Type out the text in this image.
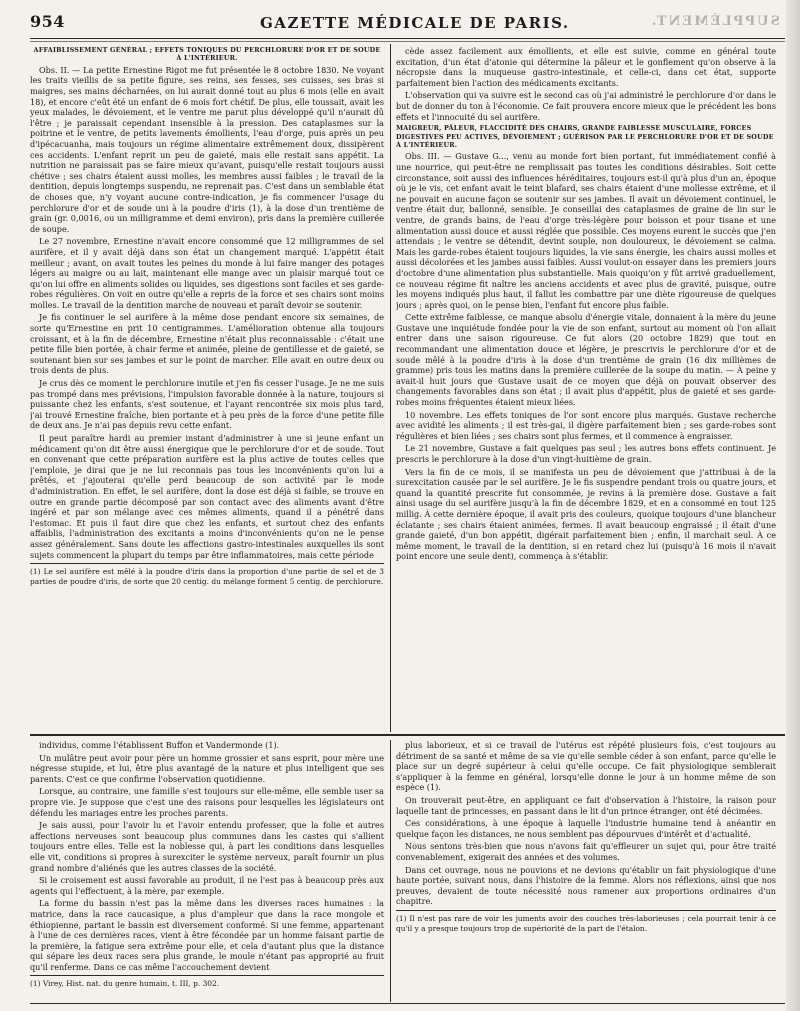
954	GAZETTE MÉDICALE DE PARIS.	SUPPLÉMENT.

AFFAIBLISSEMENT GÉNÉRAL ; EFFETS TONIQUES DU PERCHLORURE D'OR ET DE SOUDE À L'INTÉRIEUR.

Obs. II. — La petite Ernestine Rigot me fut présentée le 8 octobre 1830. Ne voyant les traits vieillis de sa petite figure, ses reins, ses fesses, ses cuisses, ses bras si maigres, ses mains décharnées, on lui aurait donné tout au plus 6 mois (elle en avait 18), et encore c'eût été un enfant de 6 mois fort chétif. De plus, elle toussait, avait les yeux malades, le dévoiement, et le ventre me parut plus développé qu'il n'aurait dû l'être ; je paraissait cependant insensible à la pression. Des cataplasmes sur la poitrine et le ventre, de petits lavements émollients, l'eau d'orge, puis après un peu d'ipécacuanha, mais toujours un régime alimentaire extrêmement doux, dissipèrent ces accidents. L'enfant reprit un peu de gaieté, mais elle restait sans appétit. La nutrition ne paraissait pas se faire mieux qu'avant, puisqu'elle restait toujours aussi chétive ; ses chairs étaient aussi molles, les membres aussi faibles ; le travail de la dentition, depuis longtemps suspendu, ne reprenait pas. C'est dans un semblable état de choses que, n'y voyant aucune contre-indication, je fis commencer l'usage du perchlorure d'or et de soude uni à la poudre d'iris (1), à la dose d'un trentième de grain (gr. 0,0016, ou un milligramme et demi environ), pris dans la première cuillerée de soupe.

Le 27 novembre, Ernestine n'avait encore consommé que 12 milligrammes de sel aurifère, et il y avait déjà dans son état un changement marqué. L'appétit était meilleur ; avant, on avait toutes les peines du monde à lui faire manger des potages légers au maigre ou au lait, maintenant elle mange avec un plaisir marqué tout ce qu'on lui offre en aliments solides ou liquides, ses digestions sont faciles et ses garde-robes régulières. On voit en outre qu'elle a repris de la force et ses chairs sont moins molles. Le travail de la dentition marche de nouveau et paraît devoir se soutenir.

Je fis continuer le sel aurifère à la même dose pendant encore six semaines, de sorte qu'Ernestine en prit 10 centigrammes. L'amélioration obtenue alla toujours croissant, et à la fin de décembre, Ernestine n'était plus reconnaissable : c'était une petite fille bien portée, à chair ferme et animée, pleine de gentillesse et de gaieté, se soutenant bien sur ses jambes et sur le point de marcher. Elle avait en outre deux ou trois dents de plus.

Je crus dès ce moment le perchlorure inutile et j'en fis cesser l'usage. Je ne me suis pas trompé dans mes prévisions, l'impulsion favorable donnée à la nature, toujours si puissante chez les enfants, s'est soutenue, et l'ayant rencontrée six mois plus tard, j'ai trouvé Ernestine fraîche, bien portante et à peu près de la force d'une petite fille de deux ans. Je n'ai pas depuis revu cette enfant.

Il peut paraître hardi au premier instant d'administrer à une si jeune enfant un médicament qu'on dit être aussi énergique que le perchlorure d'or et de soude. Tout en convenant que cette préparation aurifère est la plus active de toutes celles que j'emploie, je dirai que je ne lui reconnais pas tous les inconvénients qu'on lui a prêtés, et j'ajouterai qu'elle perd beaucoup de son activité par le mode d'administration. En effet, le sel aurifère, dont la dose est déjà si faible, se trouve en outre en grande partie décomposé par son contact avec des aliments avant d'être ingéré et par son mélange avec ces mêmes aliments, quand il a pénétré dans l'estomac. Et puis il faut dire que chez les enfants, et surtout chez des enfants affaiblis, l'administration des excitants a moins d'inconvénients qu'on ne le pense assez généralement. Sans doute les affections gastro-intestinales auxquelles ils sont sujets commencent la plupart du temps par être inflammatoires, mais cette période

(1) Le sel aurifère est mêlé à la poudre d'iris dans la proportion d'une partie de sel et de 3 parties de poudre d'iris, de sorte que 20 centig. du mélange forment 5 centig. de perchlorure.

cède assez facilement aux émollients, et elle est suivie, comme en général toute excitation, d'un état d'atonie qui détermine la pâleur et le gonflement qu'on observe à la nécropsie dans la muqueuse gastro-intestinale, et celle-ci, dans cet état, supporte parfaitement bien l'action des médicaments excitants.

L'observation qui va suivre est le second cas où j'ai administré le perchlorure d'or dans le but de donner du ton à l'économie. Ce fait prouvera encore mieux que le précédent les bons effets et l'innocuité du sel aurifère.

MAIGREUR, PÂLEUR, FLACCIDITÉ DES CHAIRS, GRANDE FAIBLESSE MUSCULAIRE, FORCES DIGESTIVES PEU ACTIVES, DÉVOIEMENT ; GUÉRISON PAR LE PERCHLORURE D'OR ET DE SOUDE À L'INTÉRIEUR.

Obs. III. — Gustave G..., venu au monde fort bien portant, fut immédiatement confié à une nourrice, qui peut-être ne remplissait pas toutes les conditions désirables. Soit cette circonstance, soit aussi des influences héréditaires, toujours est-il qu'à plus d'un an, époque où je le vis, cet enfant avait le teint blafard, ses chairs étaient d'une mollesse extrême, et il ne pouvait en aucune façon se soutenir sur ses jambes. Il avait un dévoiement continuel, le ventre était dur, ballonné, sensible. Je conseillai des cataplasmes de graine de lin sur le ventre, de grands bains, de l'eau d'orge très-légère pour boisson et pour tisane et une alimentation aussi douce et aussi réglée que possible. Ces moyens eurent le succès que j'en attendais ; le ventre se détendit, devint souple, non douloureux, le dévoiement se calma. Mais les garde-robes étaient toujours liquides, la vie sans énergie, les chairs aussi molles et aussi décolorées et les jambes aussi faibles. Aussi voulut-on essayer dans les premiers jours d'octobre d'une alimentation plus substantielle. Mais quoiqu'on y fût arrivé graduellement, ce nouveau régime fit naître les anciens accidents et avec plus de gravité, puisque, outre les moyens indiqués plus haut, il fallut les combattre par une diète rigoureuse de quelques jours ; après quoi, on le pense bien, l'enfant fut encore plus faible.

Cette extrême faiblesse, ce manque absolu d'énergie vitale, donnaient à la mère du jeune Gustave une inquiétude fondée pour la vie de son enfant, surtout au moment où l'on allait entrer dans une saison rigoureuse. Ce fut alors (20 octobre 1829) que tout en recommandant une alimentation douce et légère, je prescrivis le perchlorure d'or et de soude mêlé à la poudre d'iris à la dose d'un trentième de grain (16 dix millièmes de gramme) pris tous les matins dans la première cuillerée de la soupe du matin. — À peine y avait-il huit jours que Gustave usait de ce moyen que déjà on pouvait observer des changements favorables dans son état ; il avait plus d'appétit, plus de gaieté et ses garde-robes moins fréquentes étaient mieux liées.

10 novembre. Les effets toniques de l'or sont encore plus marqués. Gustave recherche avec avidité les aliments ; il est très-gai, il digère parfaitement bien ; ses garde-robes sont régulières et bien liées ; ses chairs sont plus fermes, et il commence à engraisser.

Le 21 novembre, Gustave a fait quelques pas seul ; les autres bons effets continuent. Je prescris le perchlorure à la dose d'un vingt-huitième de grain.

Vers la fin de ce mois, il se manifesta un peu de dévoiement que j'attribuai à de la surexcitation causée par le sel aurifère. Je le fis suspendre pendant trois ou quatre jours, et quand la quantité prescrite fut consommée, je revins à la première dose. Gustave a fait ainsi usage du sel aurifère jusqu'à la fin de décembre 1829, et en a consommé en tout 125 millig. À cette dernière époque, il avait pris des couleurs, quoique toujours d'une blancheur éclatante ; ses chairs étaient animées, fermes. Il avait beaucoup engraissé ; il était d'une grande gaieté, d'un bon appétit, digérait parfaitement bien ; enfin, il marchait seul. À ce même moment, le travail de la dentition, si en retard chez lui (puisqu'à 16 mois il n'avait point encore une seule dent), commença à s'établir.

individus, comme l'établissent Buffon et Vandermonde (1).

Un mulâtre peut avoir pour père un homme grossier et sans esprit, pour mère une négresse stupide, et lui, être plus avantagé de la nature et plus intelligent que ses parents. C'est ce que confirme l'observation quotidienne.

Lorsque, au contraire, une famille s'est toujours sur elle-même, elle semble user sa propre vie. Je suppose que c'est une des raisons pour lesquelles les législateurs ont défendu les mariages entre les proches parents.

Je sais aussi, pour l'avoir lu et l'avoir entendu professer, que la folie et autres affections nerveuses sont beaucoup plus communes dans les castes qui s'allient toujours entre elles. Telle est la noblesse qui, à part les conditions dans lesquelles elle vit, conditions si propres à surexciter le système nerveux, paraît fournir un plus grand nombre d'aliénés que les autres classes de la société.

Si le croisement est aussi favorable au produit, il ne l'est pas à beaucoup près aux agents qui l'effectuent, à la mère, par exemple.

La forme du bassin n'est pas la même dans les diverses races humaines : la matrice, dans la race caucasique, a plus d'ampleur que dans la race mongole et éthiopienne, partant le bassin est diversement conformé. Si une femme, appartenant à l'une de ces dernières races, vient à être fécondée par un homme faisant partie de la première, la fatigue sera extrême pour elle, et cela d'autant plus que la distance qui sépare les deux races sera plus grande, le moule n'étant pas approprié au fruit qu'il renferme. Dans ce cas même l'accouchement devient

(1) Virey, Hist. nat. du genre humain, t. III, p. 302.

plus laborieux, et si ce travail de l'utérus est répété plusieurs fois, c'est toujours au détriment de sa santé et même de sa vie qu'elle semble céder à son enfant, parce qu'elle le place sur un degré supérieur à celui qu'elle occupe. Ce fait physiologique semblerait s'appliquer à la femme en général, lorsqu'elle donne le jour à un homme même de son espèce (1).

On trouverait peut-être, en appliquant ce fait d'observation à l'histoire, la raison pour laquelle tant de princesses, en passant dans le lit d'un prince étranger, ont été décimées.

Ces considérations, à une époque à laquelle l'industrie humaine tend à anéantir en quelque façon les distances, ne nous semblent pas dépourvues d'intérêt et d'actualité.

Nous sentons très-bien que nous n'avons fait qu'effleurer un sujet qui, pour être traité convenablement, exigerait des années et des volumes.

Dans cet ouvrage, nous ne pouvions et ne devions qu'établir un fait physiologique d'une haute portée, suivant nous, dans l'histoire de la femme. Alors nos réflexions, ainsi que nos preuves, devaient de toute nécessité nous ramener aux proportions ordinaires d'un chapitre.

(1) Il n'est pas rare de voir les juments avoir des couches très-laborieuses ; cela pourrait tenir à ce qu'il y a presque toujours trop de supériorité de la part de l'étalon.
